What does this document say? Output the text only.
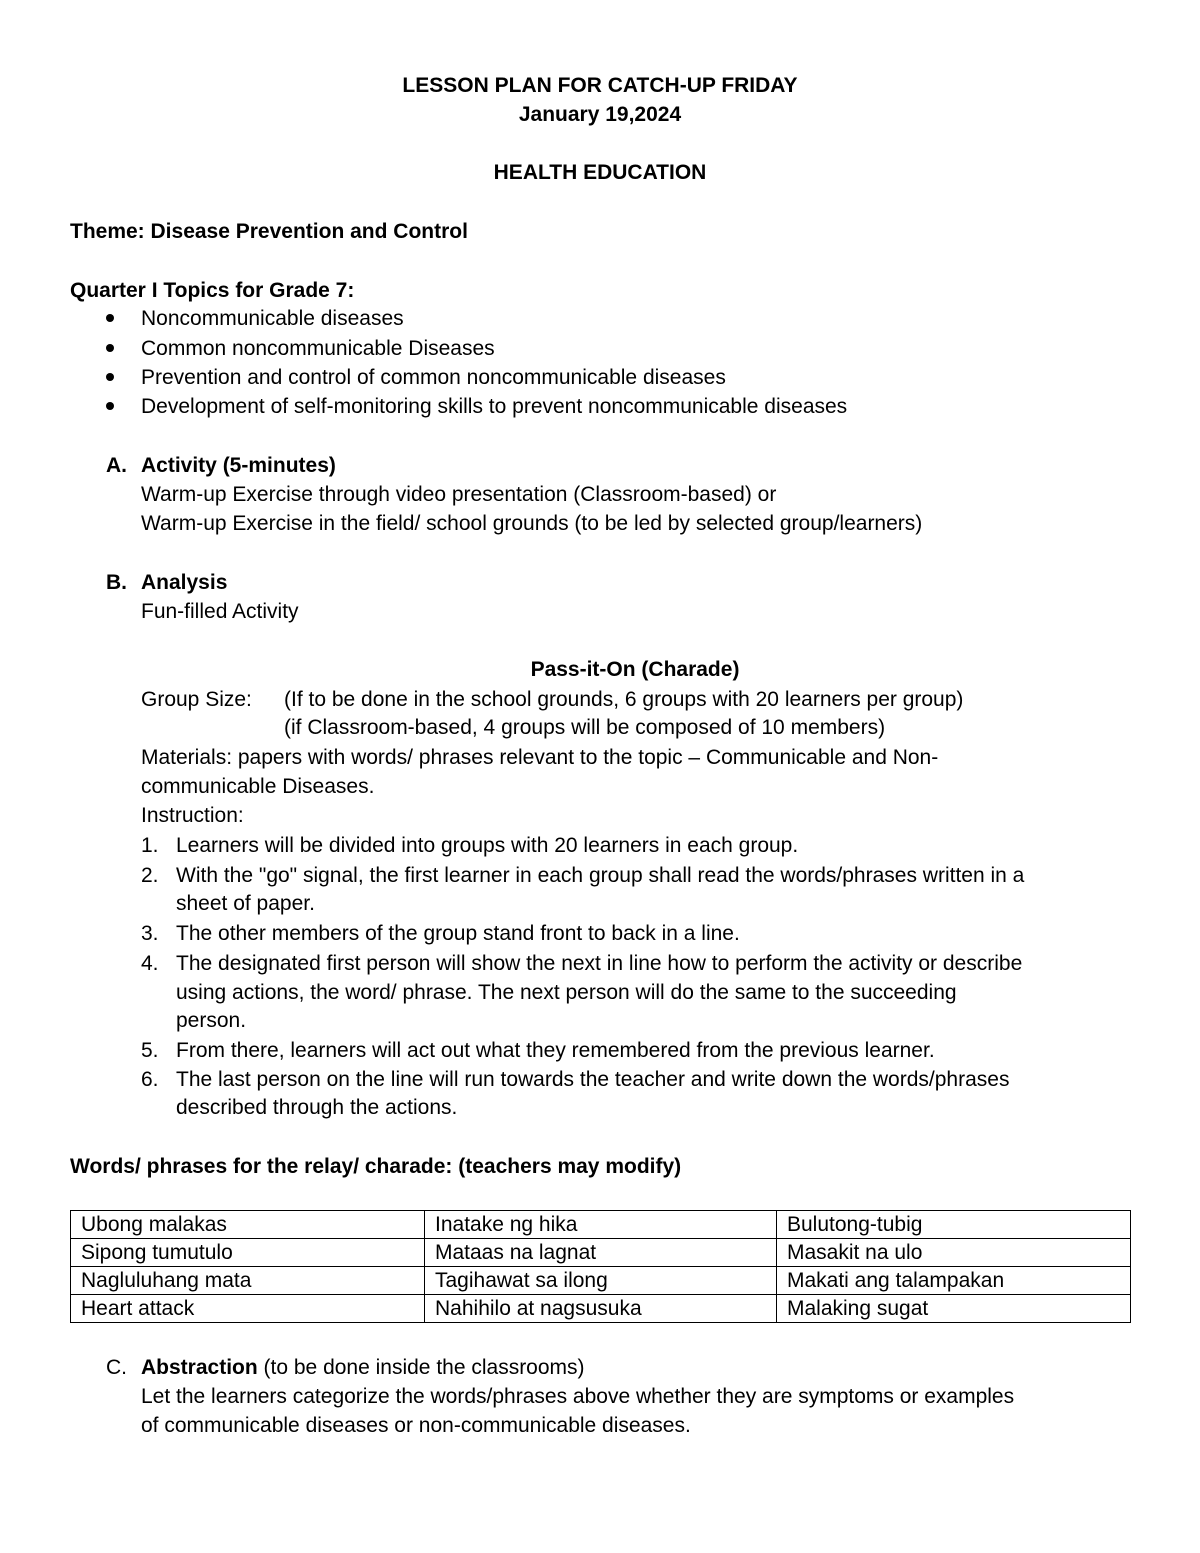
LESSON PLAN FOR CATCH-UP FRIDAY
January 19,2024
HEALTH EDUCATION
Theme: Disease Prevention and Control
Quarter I Topics for Grade 7:
Noncommunicable diseases
Common noncommunicable Diseases
Prevention and control of common noncommunicable diseases
Development of self-monitoring skills to prevent noncommunicable diseases
A. Activity (5-minutes)
Warm-up Exercise through video presentation (Classroom-based) or
Warm-up Exercise in the field/ school grounds (to be led by selected group/learners)
B. Analysis
Fun-filled Activity
Pass-it-On (Charade)
Group Size: (If to be done in the school grounds, 6 groups with 20 learners per group)
(if Classroom-based, 4 groups will be composed of 10 members)
Materials: papers with words/ phrases relevant to the topic – Communicable and Non-
communicable Diseases.
Instruction:
1. Learners will be divided into groups with 20 learners in each group.
2. With the "go" signal, the first learner in each group shall read the words/phrases written in a
sheet of paper.
3. The other members of the group stand front to back in a line.
4. The designated first person will show the next in line how to perform the activity or describe
using actions, the word/ phrase. The next person will do the same to the succeeding
person.
5. From there, learners will act out what they remembered from the previous learner.
6. The last person on the line will run towards the teacher and write down the words/phrases
described through the actions.
Words/ phrases for the relay/ charade: (teachers may modify)
Ubong malakas	Inatake ng hika	Bulutong-tubig
Sipong tumutulo	Mataas na lagnat	Masakit na ulo
Nagluluhang mata	Tagihawat sa ilong	Makati ang talampakan
Heart attack	Nahihilo at nagsusuka	Malaking sugat
C. Abstraction (to be done inside the classrooms)
Let the learners categorize the words/phrases above whether they are symptoms or examples
of communicable diseases or non-communicable diseases.
